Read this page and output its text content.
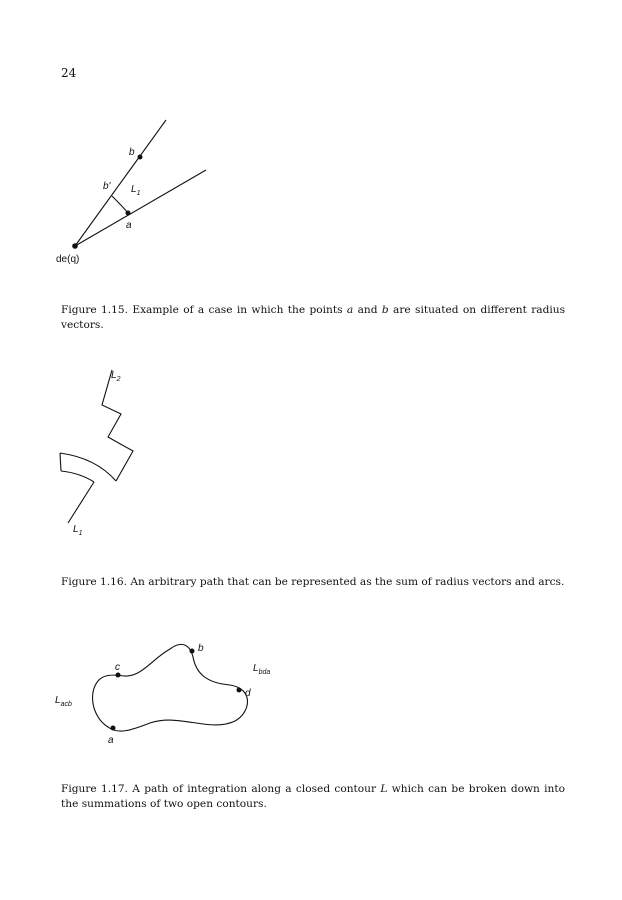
24
b
b' $L_1$
a
de(q)
Figure 1.15. Example of a case in which the points a and b are situated on different radius vectors.
$L_2$
$L_1$
Figure 1.16. An arbitrary path that can be represented as the sum of radius vectors and arcs.
b
c
d
a
$L_{bda}$
$L_{acb}$
Figure 1.17. A path of integration along a closed contour L which can be broken down into the summations of two open contours.
